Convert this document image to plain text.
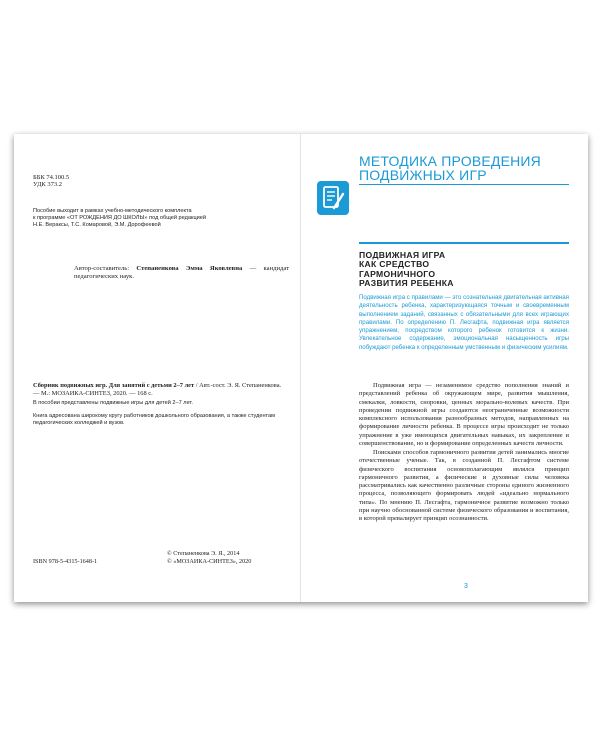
ББК 74.100.5
УДК 373.2
Пособие выходит в рамках учебно-методического комплекта
к программе «ОТ РОЖДЕНИЯ ДО ШКОЛЫ» под общей редакцией
Н.Е. Вераксы, Т.С. Комаровой, Э.М. Дорофеевой
Автор-составитель: Степаненкова Эмма Яковлевна — кандидат педагогических наук.
Сборник подвижных игр. Для занятий с детьми 2–7 лет / Авт.-сост. Э. Я. Степаненкова. — М.: МОЗАИКА-СИНТЕЗ, 2020. — 168 с.
В пособии представлены подвижные игры для детей 2–7 лет.
Книга адресована широкому кругу работников дошкольного образования, а также студентам педагогических колледжей и вузов.
ISBN 978-5-4315-1648-1
© Степаненкова Э. Я., 2014
© «МОЗАИКА-СИНТЕЗ», 2020
МЕТОДИКА ПРОВЕДЕНИЯ
ПОДВИЖНЫХ ИГР
ПОДВИЖНАЯ ИГРА
КАК СРЕДСТВО
ГАРМОНИЧНОГО
РАЗВИТИЯ РЕБЕНКА
Подвижная игра с правилами — это сознательная двигательная активная деятельность ребенка, характеризующаяся точным и своевременным выполнением заданий, связанных с обязательными для всех играющих правилами. По определению П. Лесгафта, подвижная игра является упражнением, посредством которого ребенок готовится к жизни. Увлекательное содержание, эмоциональная насыщенность игры побуждают ребенка к определенным умственным и физическим усилиям.

Подвижная игра — незаменимое средство пополнения знаний и представлений ребенка об окружающем мире, развития мышления, смекалки, ловкости, сноровки, ценных морально-волевых качеств. При проведении подвижной игры создаются неограниченные возможности комплексного использования разнообразных методов, направленных на формирование личности ребенка. В процессе игры происходит не только упражнение в уже имеющихся двигательных навыках, их закрепление и совершенствование, но и формирование определенных качеств личности.

Поисками способов гармоничного развития детей занимались многие отечественные ученые. Так, в созданной П. Лесгафтом системе физического воспитания основополагающим являлся принцип гармоничного развития, а физические и духовные силы человека рассматривались как качественно различные стороны единого жизненного процесса, позволяющего формировать людей «идеально нормального типа». По мнению П. Лесгафта, гармоничное развитие возможно только при научно обоснованной системе физического образования и воспитания, в которой превалирует принцип осознанности.

3
